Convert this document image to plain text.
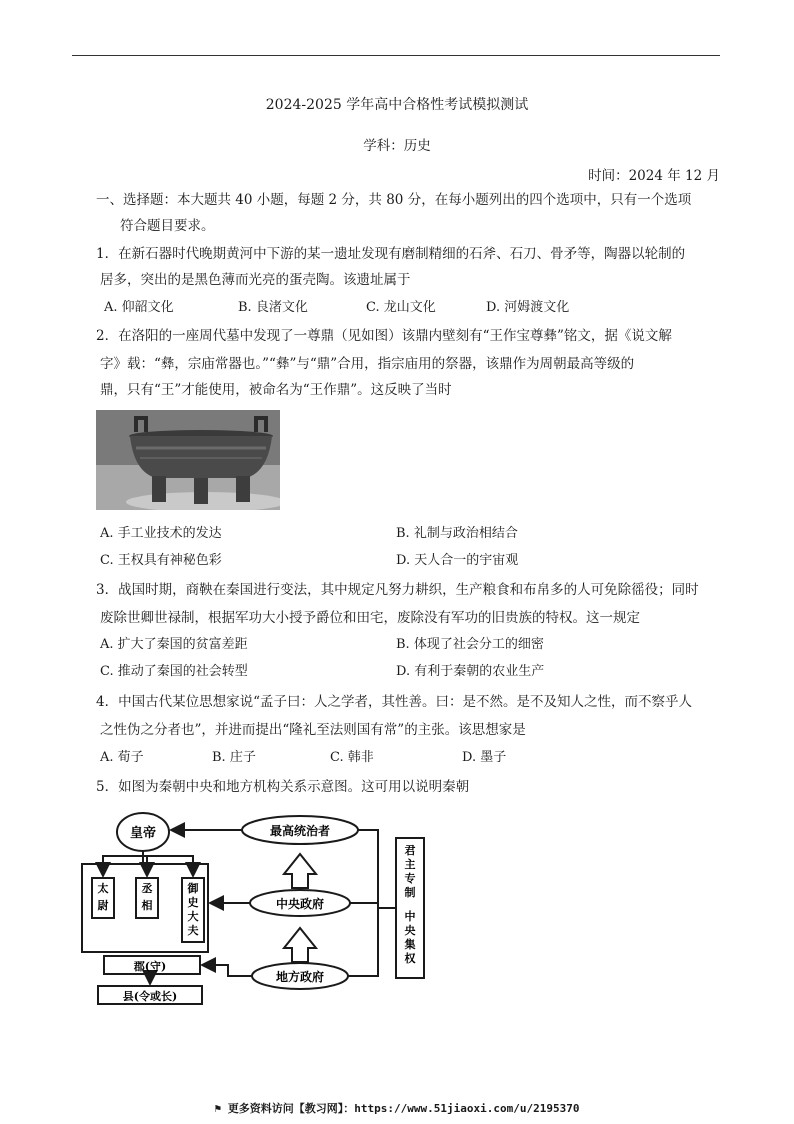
2024-2025 学年高中合格性考试模拟测试
学科：历史
时间：2024 年 12 月
一、选择题：本大题共 40 小题，每题 2 分，共 80 分，在每小题列出的四个选项中，只有一个选项
符合题目要求。
1．在新石器时代晚期黄河中下游的某一遗址发现有磨制精细的石斧、石刀、骨矛等，陶器以轮制的
居多，突出的是黑色薄而光亮的蛋壳陶。该遗址属于
A. 仰韶文化	B. 良渚文化	C. 龙山文化	D. 河姆渡文化
2．在洛阳的一座周代墓中发现了一尊鼎（见如图）该鼎内壁刻有“王作宝尊彝”铭文，据《说文解
字》载：“彝，宗庙常器也。”“彝”与“鼎”合用，指宗庙用的祭器，该鼎作为周朝最高等级的
鼎，只有“王”才能使用，被命名为“王作鼎”。这反映了当时
A. 手工业技术的发达	B. 礼制与政治相结合
C. 王权具有神秘色彩	D. 天人合一的宇宙观
3．战国时期，商鞅在秦国进行变法，其中规定凡努力耕织，生产粮食和布帛多的人可免除徭役；同时
废除世卿世禄制，根据军功大小授予爵位和田宅，废除没有军功的旧贵族的特权。这一规定
A. 扩大了秦国的贫富差距	B. 体现了社会分工的细密
C. 推动了秦国的社会转型	D. 有利于秦朝的农业生产
4．中国古代某位思想家说“孟子曰：人之学者，其性善。曰：是不然。是不及知人之性，而不察乎人
之性伪之分者也”，并进而提出“隆礼至法则国有常”的主张。该思想家是
A. 荀子	B. 庄子	C. 韩非	D. 墨子
5．如图为秦朝中央和地方机构关系示意图。这可用以说明秦朝
皇帝	最高统治者
中央政府
地方政府
郡(守)
县(令或长)
太尉
丞相
御史大夫
君主专制
中央集权
⚑ 更多资料访问【教习网】：https://www.51jiaoxi.com/u/2195370
